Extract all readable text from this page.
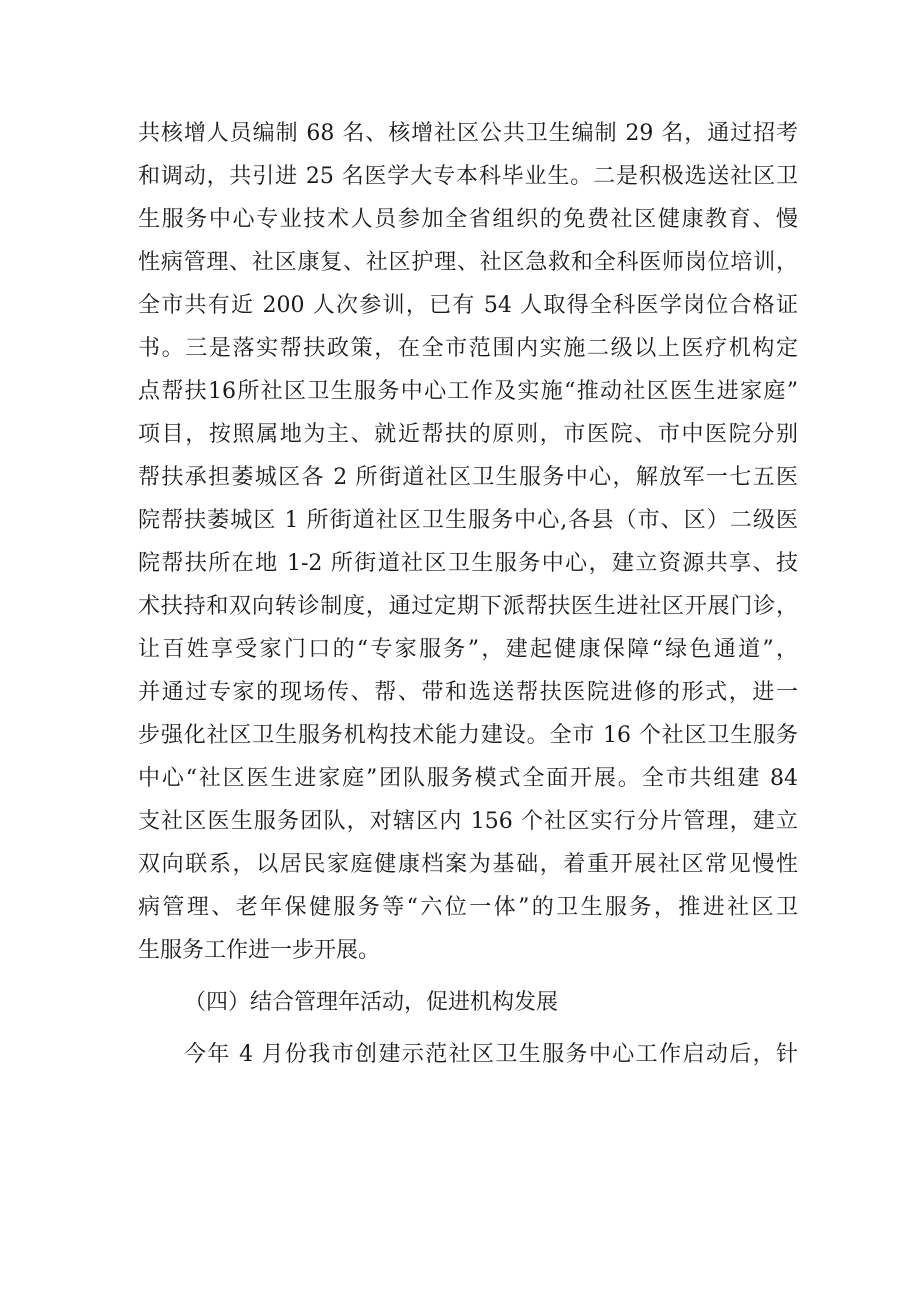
共核增人员编制 68 名、核增社区公共卫生编制 29 名，通过招考
和调动，共引进 25 名医学大专本科毕业生。二是积极选送社区卫
生服务中心专业技术人员参加全省组织的免费社区健康教育、慢
性病管理、社区康复、社区护理、社区急救和全科医师岗位培训，
全市共有近 200 人次参训，已有 54 人取得全科医学岗位合格证
书。三是落实帮扶政策，在全市范围内实施二级以上医疗机构定
点帮扶16所社区卫生服务中心工作及实施“推动社区医生进家庭”
项目，按照属地为主、就近帮扶的原则，市医院、市中医院分别
帮扶承担萎城区各 2 所街道社区卫生服务中心，解放军一七五医
院帮扶萎城区 1 所街道社区卫生服务中心,各县（市、区）二级医
院帮扶所在地 1-2 所街道社区卫生服务中心，建立资源共享、技
术扶持和双向转诊制度，通过定期下派帮扶医生进社区开展门诊，
让百姓享受家门口的“专家服务”，建起健康保障“绿色通道”，
并通过专家的现场传、帮、带和选送帮扶医院进修的形式，进一
步强化社区卫生服务机构技术能力建设。全市 16 个社区卫生服务
中心“社区医生进家庭”团队服务模式全面开展。全市共组建 84
支社区医生服务团队，对辖区内 156 个社区实行分片管理，建立
双向联系，以居民家庭健康档案为基础，着重开展社区常见慢性
病管理、老年保健服务等“六位一体”的卫生服务，推进社区卫
生服务工作进一步开展。
（四）结合管理年活动，促进机构发展
今年 4 月份我市创建示范社区卫生服务中心工作启动后，针
